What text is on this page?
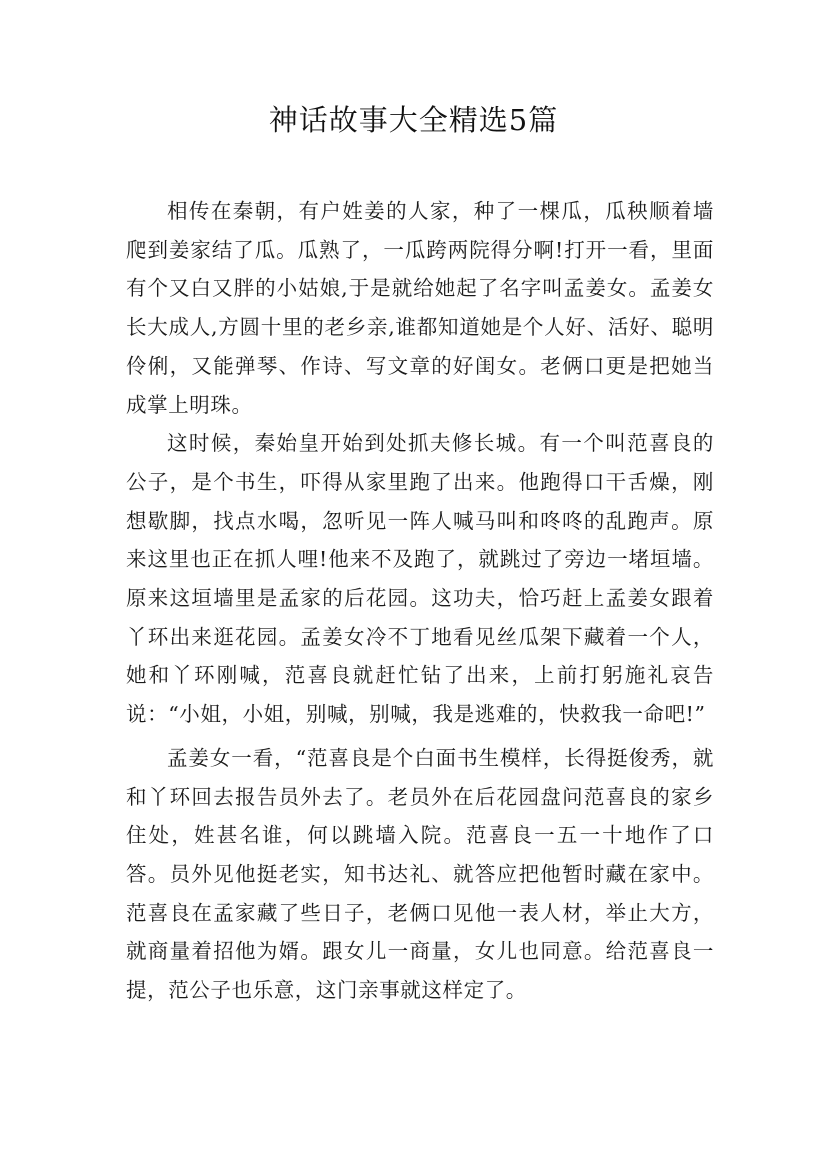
神话故事大全精选5篇

相传在秦朝，有户姓姜的人家，种了一棵瓜，瓜秧顺着墙爬到姜家结了瓜。瓜熟了，一瓜跨两院得分啊!打开一看，里面有个又白又胖的小姑娘,于是就给她起了名字叫孟姜女。孟姜女长大成人,方圆十里的老乡亲,谁都知道她是个人好、活好、聪明伶俐，又能弹琴、作诗、写文章的好闺女。老俩口更是把她当成掌上明珠。

这时候，秦始皇开始到处抓夫修长城。有一个叫范喜良的公子，是个书生，吓得从家里跑了出来。他跑得口干舌燥，刚想歇脚，找点水喝，忽听见一阵人喊马叫和咚咚的乱跑声。原来这里也正在抓人哩!他来不及跑了，就跳过了旁边一堵垣墙。原来这垣墙里是孟家的后花园。这功夫，恰巧赶上孟姜女跟着丫环出来逛花园。孟姜女冷不丁地看见丝瓜架下藏着一个人，她和丫环刚喊，范喜良就赶忙钻了出来，上前打躬施礼哀告说：“小姐，小姐，别喊，别喊，我是逃难的，快救我一命吧!”

孟姜女一看，“范喜良是个白面书生模样，长得挺俊秀，就和丫环回去报告员外去了。老员外在后花园盘问范喜良的家乡住处，姓甚名谁，何以跳墙入院。范喜良一五一十地作了口答。员外见他挺老实，知书达礼、就答应把他暂时藏在家中。范喜良在孟家藏了些日子，老俩口见他一表人材，举止大方，就商量着招他为婿。跟女儿一商量，女儿也同意。给范喜良一提，范公子也乐意，这门亲事就这样定了。
